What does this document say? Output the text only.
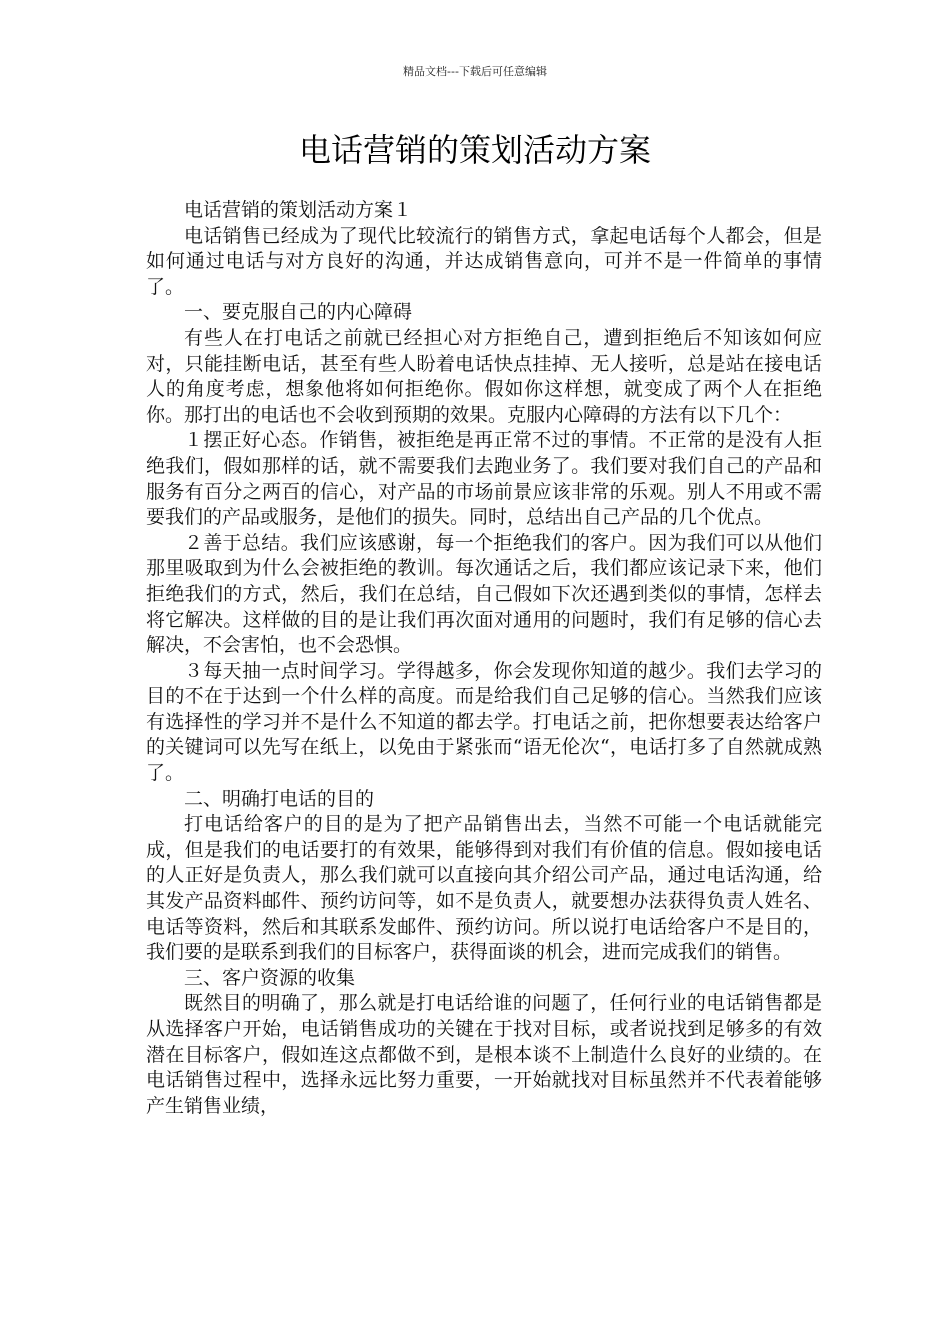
精品文档---下载后可任意编辑
电话营销的策划活动方案

电话营销的策划活动方案１

电话销售已经成为了现代比较流行的销售方式，拿起电话每个人都会，但是如何通过电话与对方良好的沟通，并达成销售意向，可并不是一件简单的事情了。

一、要克服自己的内心障碍

有些人在打电话之前就已经担心对方拒绝自己，遭到拒绝后不知该如何应对，只能挂断电话，甚至有些人盼着电话快点挂掉、无人接听，总是站在接电话人的角度考虑，想象他将如何拒绝你。假如你这样想，就变成了两个人在拒绝你。那打出的电话也不会收到预期的效果。克服内心障碍的方法有以下几个：

１摆正好心态。作销售，被拒绝是再正常不过的事情。不正常的是没有人拒绝我们，假如那样的话，就不需要我们去跑业务了。我们要对我们自己的产品和服务有百分之两百的信心，对产品的市场前景应该非常的乐观。别人不用或不需要我们的产品或服务，是他们的损失。同时，总结出自己产品的几个优点。

２善于总结。我们应该感谢，每一个拒绝我们的客户。因为我们可以从他们那里吸取到为什么会被拒绝的教训。每次通话之后，我们都应该记录下来，他们拒绝我们的方式，然后，我们在总结，自己假如下次还遇到类似的事情，怎样去将它解决。这样做的目的是让我们再次面对通用的问题时，我们有足够的信心去解决，不会害怕，也不会恐惧。

３每天抽一点时间学习。学得越多，你会发现你知道的越少。我们去学习的目的不在于达到一个什么样的高度。而是给我们自己足够的信心。当然我们应该有选择性的学习并不是什么不知道的都去学。打电话之前，把你想要表达给客户的关键词可以先写在纸上，以免由于紧张而“语无伦次“，电话打多了自然就成熟了。

二、明确打电话的目的

打电话给客户的目的是为了把产品销售出去，当然不可能一个电话就能完成，但是我们的电话要打的有效果，能够得到对我们有价值的信息。假如接电话的人正好是负责人，那么我们就可以直接向其介绍公司产品，通过电话沟通，给其发产品资料邮件、预约访问等，如不是负责人，就要想办法获得负责人姓名、电话等资料，然后和其联系发邮件、预约访问。所以说打电话给客户不是目的，我们要的是联系到我们的目标客户，获得面谈的机会，进而完成我们的销售。

三、客户资源的收集

既然目的明确了，那么就是打电话给谁的问题了，任何行业的电话销售都是从选择客户开始，电话销售成功的关键在于找对目标，或者说找到足够多的有效潜在目标客户，假如连这点都做不到，是根本谈不上制造什么良好的业绩的。在电话销售过程中，选择永远比努力重要，一开始就找对目标虽然并不代表着能够产生销售业绩，
